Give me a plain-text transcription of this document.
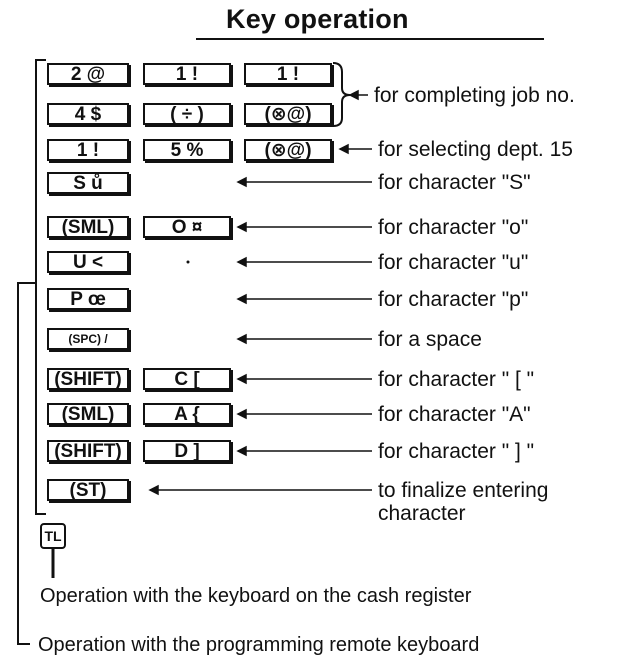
Key operation
2 @	1 !	1 !
4 $	( ÷ )	(⊗@)
for completing job no.
1 !	5 %	(⊗@)	for selecting dept. 15
S ů	for character "S"
(SML)	O ¤	for character "o"
U <	for character "u"
P œ	for character "p"
(SPC) /	for a space
(SHIFT)	C [	for character " [ "
(SML)	A {	for character "A"
(SHIFT)	D ]	for character " ] "
(ST)	to finalize entering
character
TL
Operation with the keyboard on the cash register
Operation with the programming remote keyboard
